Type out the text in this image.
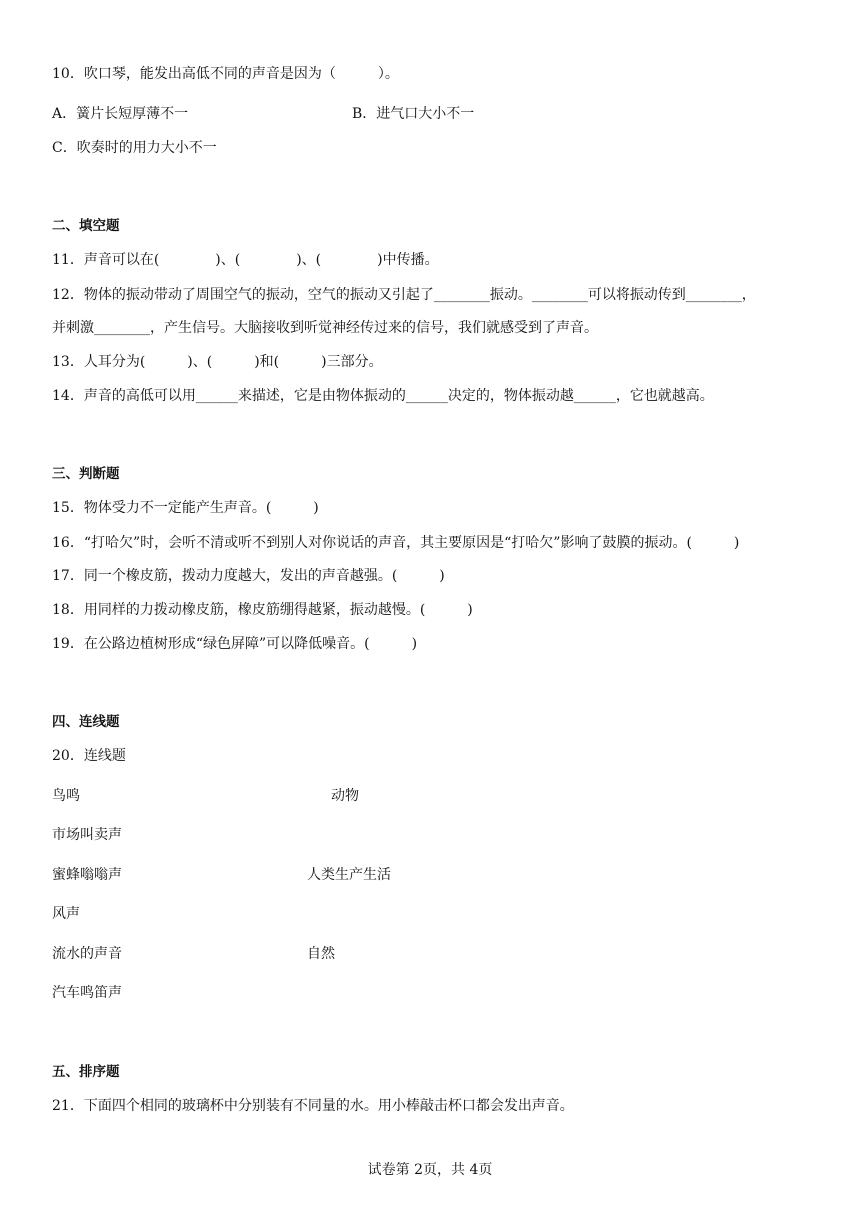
10．吹口琴，能发出高低不同的声音是因为（　　　）。
A．簧片长短厚薄不一	B．进气口大小不一
C．吹奏时的用力大小不一
二、填空题
11．声音可以在(　　　　)、(　　　　)、(　　　　)中传播。
12．物体的振动带动了周围空气的振动，空气的振动又引起了________振动。________可以将振动传到________，
并刺激________，产生信号。大脑接收到听觉神经传过来的信号，我们就感受到了声音。
13．人耳分为(　　　)、(　　　)和(　　　)三部分。
14．声音的高低可以用______来描述，它是由物体振动的______决定的，物体振动越______，它也就越高。
三、判断题
15．物体受力不一定能产生声音。(　　　)
16．“打哈欠”时，会听不清或听不到别人对你说话的声音，其主要原因是“打哈欠”影响了鼓膜的振动。(　　　)
17．同一个橡皮筋，拨动力度越大，发出的声音越强。(　　　)
18．用同样的力拨动橡皮筋，橡皮筋绷得越紧，振动越慢。(　　　)
19．在公路边植树形成“绿色屏障”可以降低噪音。(　　　)
四、连线题
20．连线题
鸟鸣	动物
市场叫卖声
蜜蜂嗡嗡声	人类生产生活
风声
流水的声音	自然
汽车鸣笛声
五、排序题
21．下面四个相同的玻璃杯中分别装有不同量的水。用小棒敲击杯口都会发出声音。
试卷第 2页，共 4页
